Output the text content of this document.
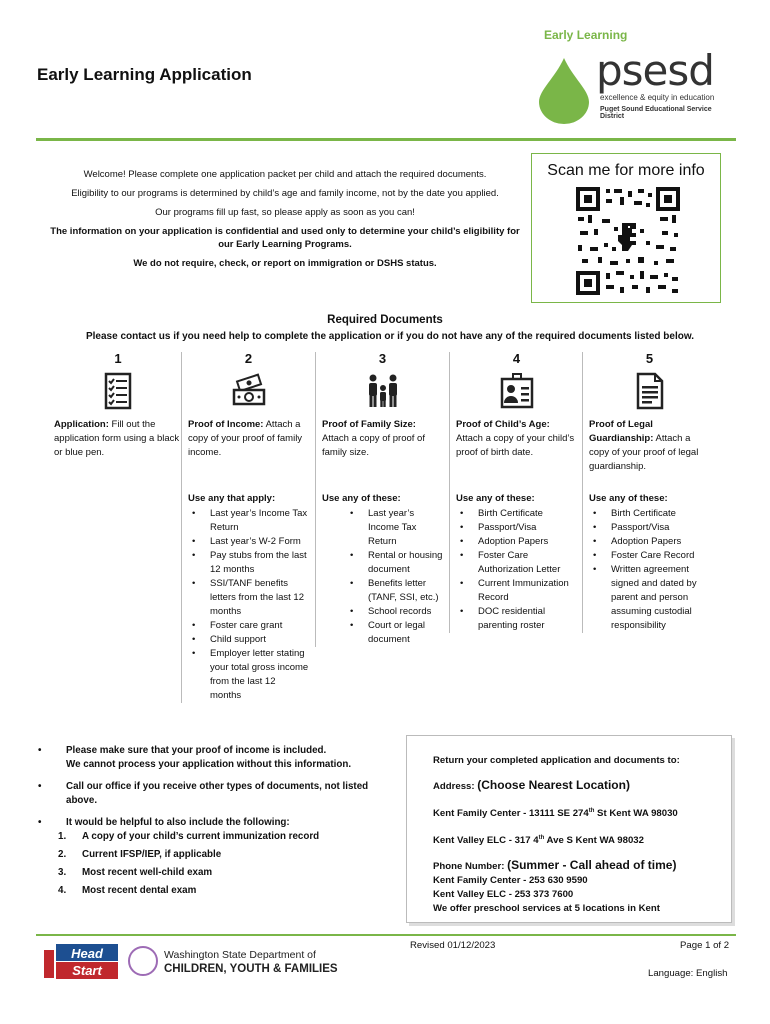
Early Learning Application
Early Learning
psesd
excellence & equity in education
Puget Sound Educational Service District

Welcome! Please complete one application packet per child and attach the required documents.

Eligibility to our programs is determined by child’s age and family income, not by the date you applied.

Our programs fill up fast, so please apply as soon as you can!

The information on your application is confidential and used only to determine your child’s eligibility for our Early Learning Programs.

We do not require, check, or report on immigration or DSHS status.

Scan me for more info
Required Documents
Please contact us if you need help to complete the application or if you do not have any of the required documents listed below.
1
Application: Fill out the application form using a black or blue pen.
2
Proof of Income: Attach a copy of your proof of family income.
Use any that apply:
• Last year’s Income Tax Return
• Last year’s W-2 Form
• Pay stubs from the last 12 months
• SSI/TANF benefits letters from the last 12 months
• Foster care grant
• Child support
• Employer letter stating your total gross income from the last 12 months
3
Proof of Family Size: Attach a copy of proof of family size.
Use any of these:
• Last year’s Income Tax Return
• Rental or housing document
• Benefits letter (TANF, SSI, etc.)
• School records
• Court or legal document
4
Proof of Child’s Age: Attach a copy of your child’s proof of birth date.
Use any of these:
• Birth Certificate
• Passport/Visa
• Adoption Papers
• Foster Care Authorization Letter
• Current Immunization Record
• DOC residential parenting roster
5
Proof of Legal Guardianship: Attach a copy of your proof of legal guardianship.
Use any of these:
• Birth Certificate
• Passport/Visa
• Adoption Papers
• Foster Care Record
• Written agreement signed and dated by parent and person assuming custodial responsibility
• Please make sure that your proof of income is included.
We cannot process your application without this information.
• Call our office if you receive other types of documents, not listed above.
• It would be helpful to also include the following:
1. A copy of your child’s current immunization record
2. Current IFSP/IEP, if applicable
3. Most recent well-child exam
4. Most recent dental exam
Return your completed application and documents to:
Address: (Choose Nearest Location)
Kent Family Center - 13111 SE 274th St Kent WA 98030
Kent Valley ELC - 317 4th Ave S Kent WA 98032
Phone Number: (Summer - Call ahead of time)
Kent Family Center - 253 630 9590
Kent Valley ELC - 253 373 7600
We offer preschool services at 5 locations in Kent
Head
Start
Washington State Department of
CHILDREN, YOUTH & FAMILIES
Revised 01/12/2023	Page 1 of 2
Language: English
